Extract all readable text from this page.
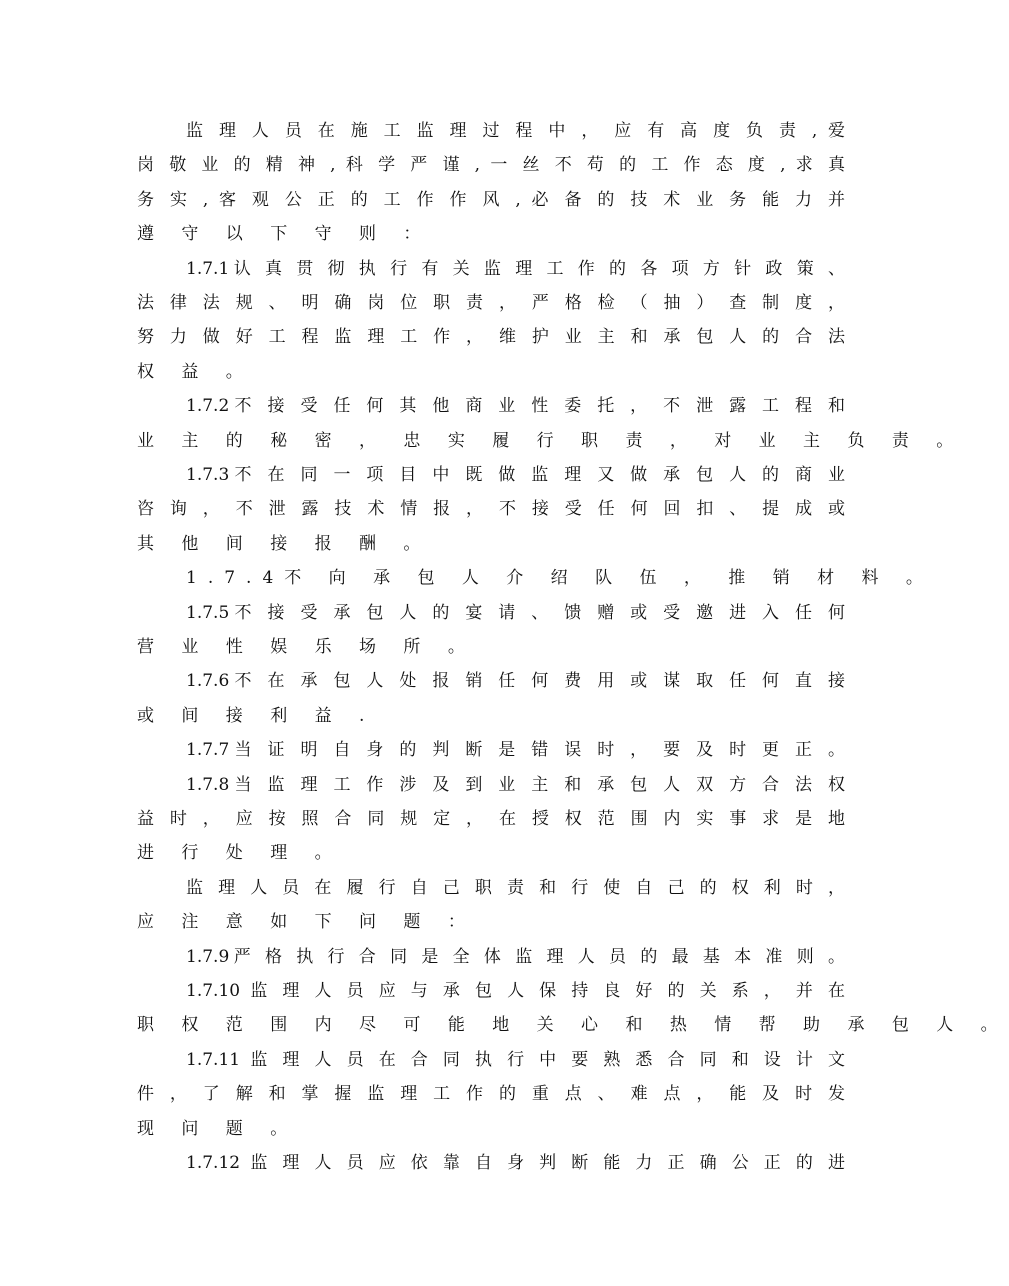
监 理 人 员 在 施 工 监 理 过 程 中 ， 应 有 高 度 负 责 , 爱
岗 敬 业 的 精 神 , 科 学 严 谨 , 一 丝 不 苟 的 工 作 态 度 , 求 真
务 实 , 客 观 公 正 的 工 作 作 风 , 必 备 的 技 术 业 务 能 力 并
遵 守 以 下 守 则 ：
1.7.1认 真 贯 彻 执 行 有 关 监 理 工 作 的 各 项 方 针 政 策 、
法 律 法 规 、 明 确 岗 位 职 责 ， 严 格 检 （ 抽 ） 查 制 度 ，
努 力 做 好 工 程 监 理 工 作 ， 维 护 业 主 和 承 包 人 的 合 法
权 益 。
1.7.2不 接 受 任 何 其 他 商 业 性 委 托 ， 不 泄 露 工 程 和
业 主 的 秘 密 ， 忠 实 履 行 职 责 ， 对 业 主 负 责 。
1.7.3不 在 同 一 项 目 中 既 做 监 理 又 做 承 包 人 的 商 业
咨 询 ， 不 泄 露 技 术 情 报 ， 不 接 受 任 何 回 扣 、 提 成 或
其 他 间 接 报 酬 。
1.7.4不 向 承 包 人 介 绍 队 伍 ， 推 销 材 料 。
1.7.5不 接 受 承 包 人 的 宴 请 、 馈 赠 或 受 邀 进 入 任 何
营 业 性 娱 乐 场 所 。
1.7.6不 在 承 包 人 处 报 销 任 何 费 用 或 谋 取 任 何 直 接
或 间 接 利 益 .
1.7.7当 证 明 自 身 的 判 断 是 错 误 时 ， 要 及 时 更 正 。
1.7.8当 监 理 工 作 涉 及 到 业 主 和 承 包 人 双 方 合 法 权
益 时 ， 应 按 照 合 同 规 定 ， 在 授 权 范 围 内 实 事 求 是 地
进 行 处 理 。
监 理 人 员 在 履 行 自 己 职 责 和 行 使 自 己 的 权 利 时 ，
应 注 意 如 下 问 题 ：
1.7.9严 格 执 行 合 同 是 全 体 监 理 人 员 的 最 基 本 准 则 。
1.7.10 监 理 人 员 应 与 承 包 人 保 持 良 好 的 关 系 ， 并 在
职 权 范 围 内 尽 可 能 地 关 心 和 热 情 帮 助 承 包 人 。
1.7.11 监 理 人 员 在 合 同 执 行 中 要 熟 悉 合 同 和 设 计 文
件 ， 了 解 和 掌 握 监 理 工 作 的 重 点 、 难 点 ， 能 及 时 发
现 问 题 。
1.7.12 监 理 人 员 应 依 靠 自 身 判 断 能 力 正 确 公 正 的 进
